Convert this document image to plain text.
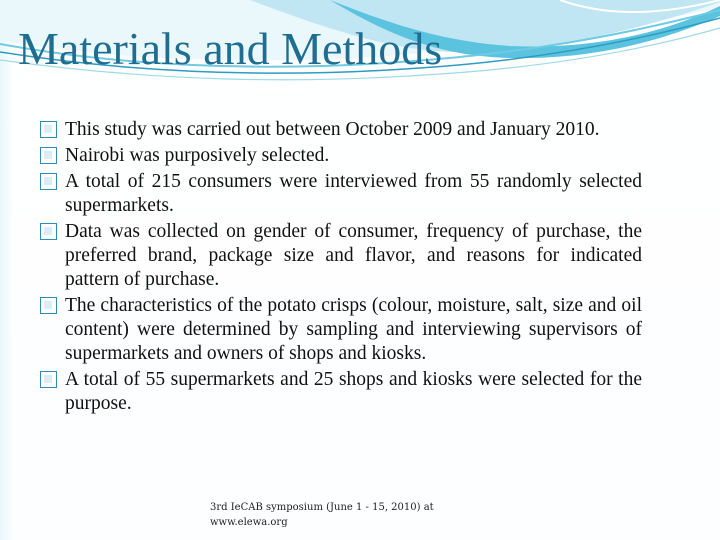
Materials and Methods
This study was carried out between October 2009 and January 2010.
Nairobi was purposively selected.
A total of 215 consumers were interviewed from 55 randomly selected supermarkets.
Data was collected on gender of consumer, frequency of purchase, the preferred brand, package size and flavor, and reasons for indicated pattern of purchase.
The characteristics of the potato crisps (colour, moisture, salt, size and oil content) were determined by sampling and interviewing supervisors of supermarkets and owners of shops and kiosks.
A total of 55 supermarkets and 25 shops and kiosks were selected for the purpose.
3rd IeCAB symposium (June 1 - 15, 2010) at
www.elewa.org
